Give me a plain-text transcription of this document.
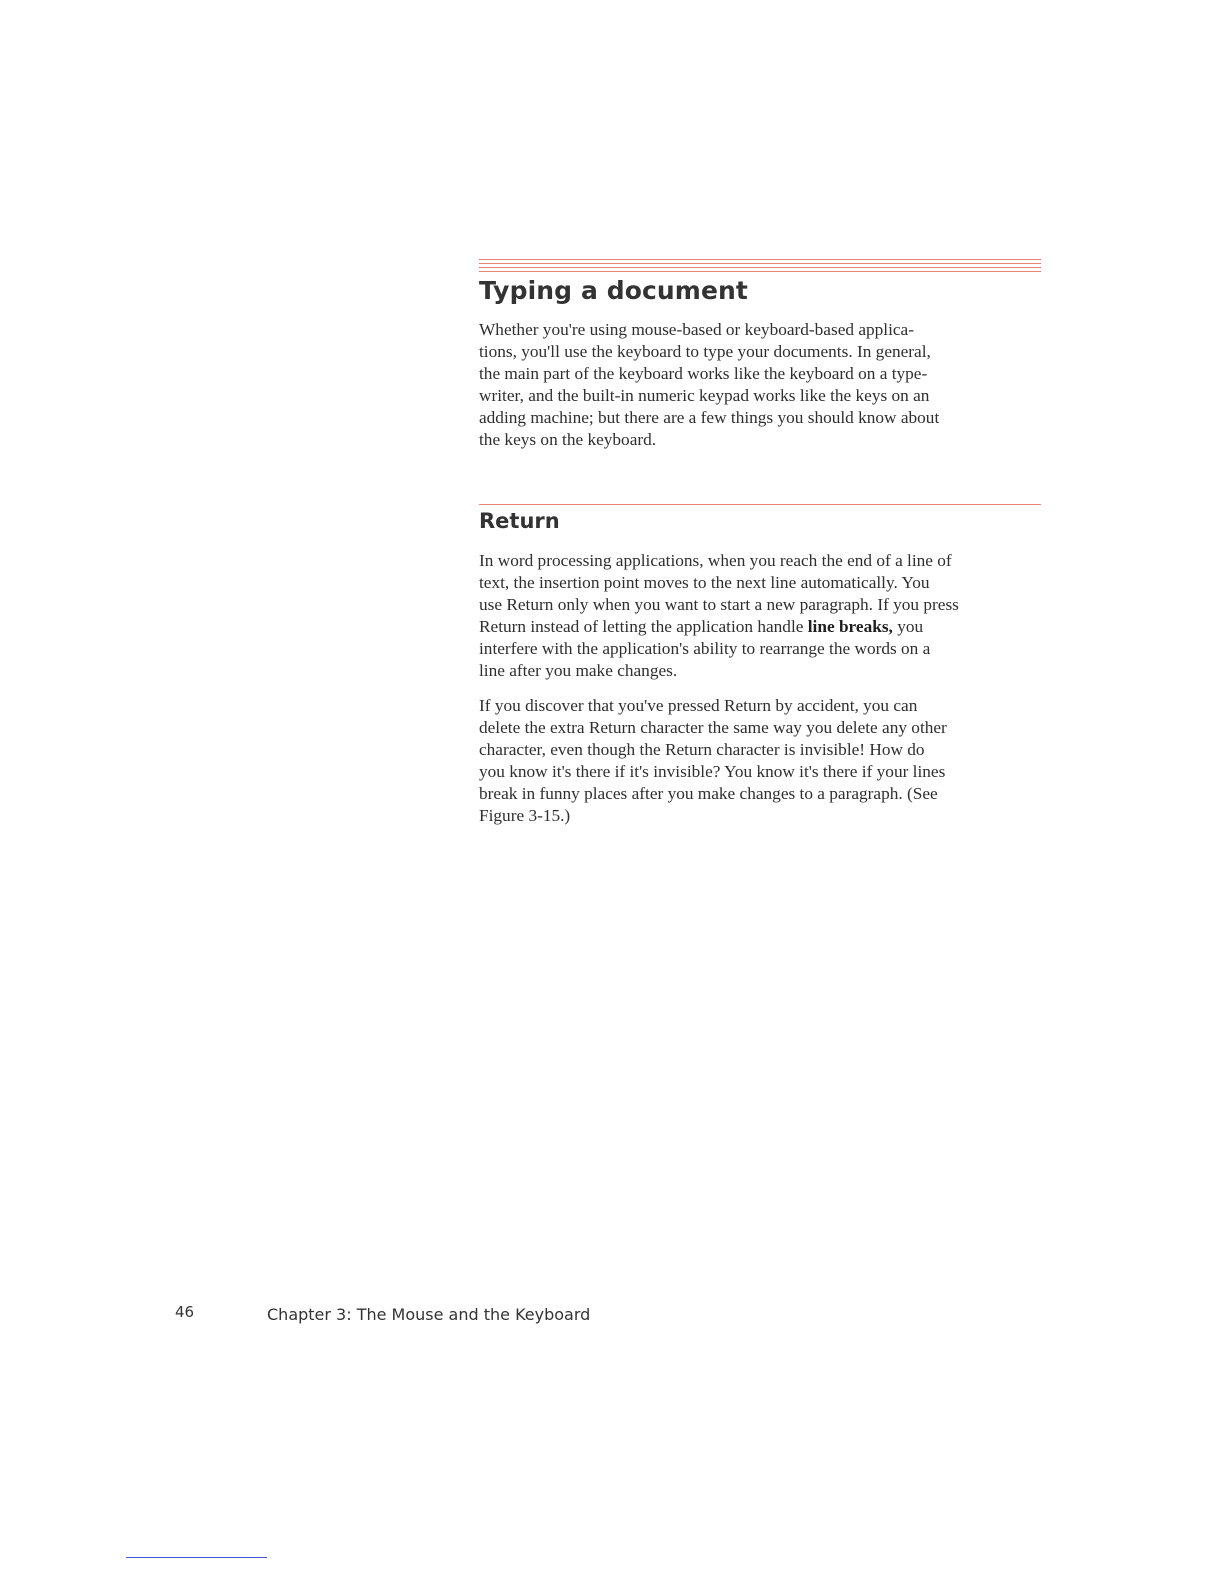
Typing a document

Whether you're using mouse-based or keyboard-based applica-
tions, you'll use the keyboard to type your documents. In general,
the main part of the keyboard works like the keyboard on a type-
writer, and the built-in numeric keypad works like the keys on an
adding machine; but there are a few things you should know about
the keys on the keyboard.

Return

In word processing applications, when you reach the end of a line of
text, the insertion point moves to the next line automatically. You
use Return only when you want to start a new paragraph. If you press
Return instead of letting the application handle line breaks, you
interfere with the application's ability to rearrange the words on a
line after you make changes.

If you discover that you've pressed Return by accident, you can
delete the extra Return character the same way you delete any other
character, even though the Return character is invisible! How do
you know it's there if it's invisible? You know it's there if your lines
break in funny places after you make changes to a paragraph. (See
Figure 3-15.)

46	Chapter 3: The Mouse and the Keyboard
